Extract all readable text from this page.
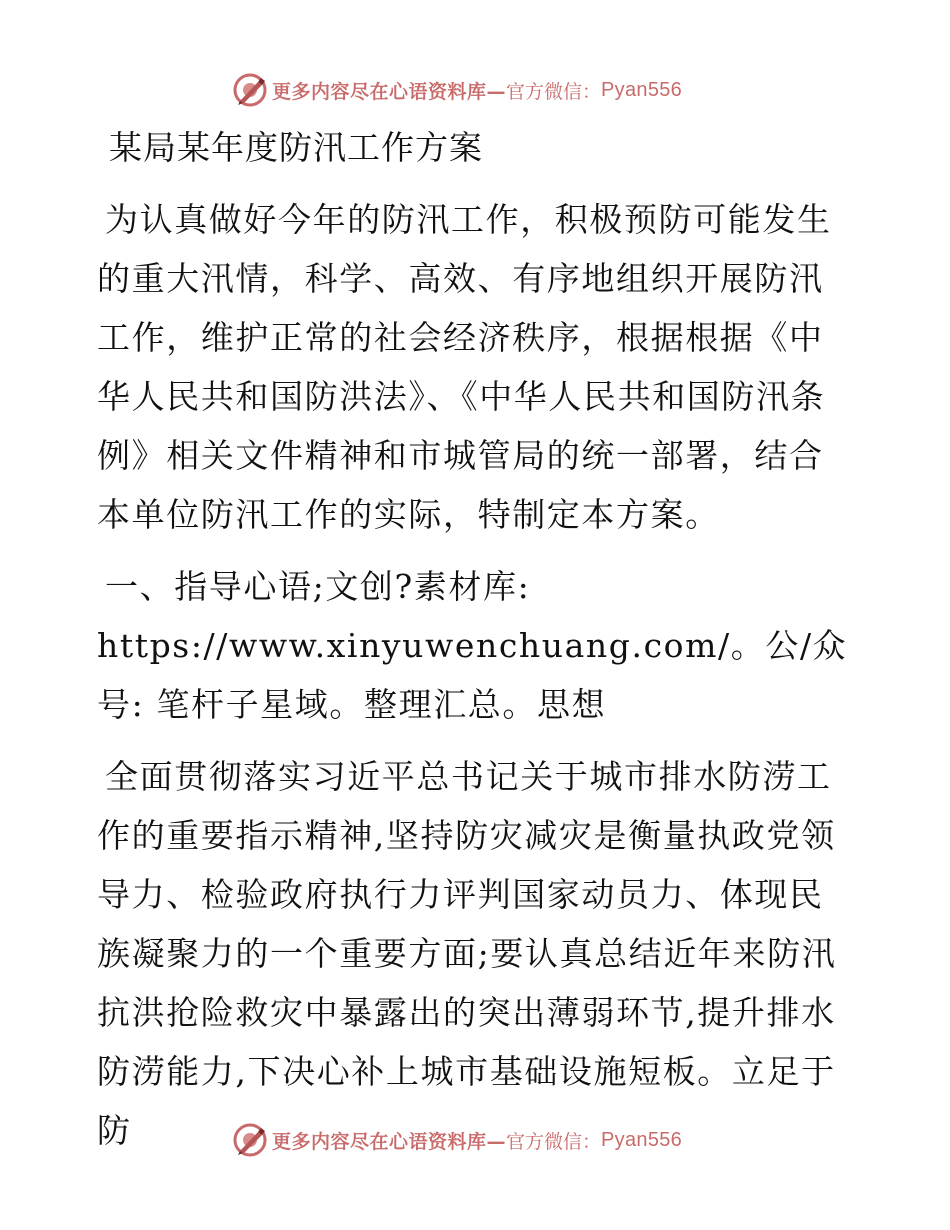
更多内容尽在心语资料库— 官方微信： Pyan556
某局某年度防汛工作方案

为认真做好今年的防汛工作，积极预防可能发生的重大汛情，科学、高效、有序地组织开展防汛工作，维护正常的社会经济秩序，根据根据《中华人民共和国防洪法》、《中华人民共和国防汛条例》相关文件精神和市城管局的统一部署，结合本单位防汛工作的实际，特制定本方案。

一、指导心语;文创?素材库: https://www.xinyuwenchuang.com/。公/众号: 笔杆子星域。整理汇总。思想

全面贯彻落实习近平总书记关于城市排水防涝工作的重要指示精神,坚持防灾减灾是衡量执政党领导力、检验政府执行力评判国家动员力、体现民族凝聚力的一个重要方面;要认真总结近年来防汛抗洪抢险救灾中暴露出的突出薄弱环节,提升排水防涝能力,下决心补上城市基础设施短板。立足于防	更多内容尽在心语资料库— 官方微信： Pyan556
